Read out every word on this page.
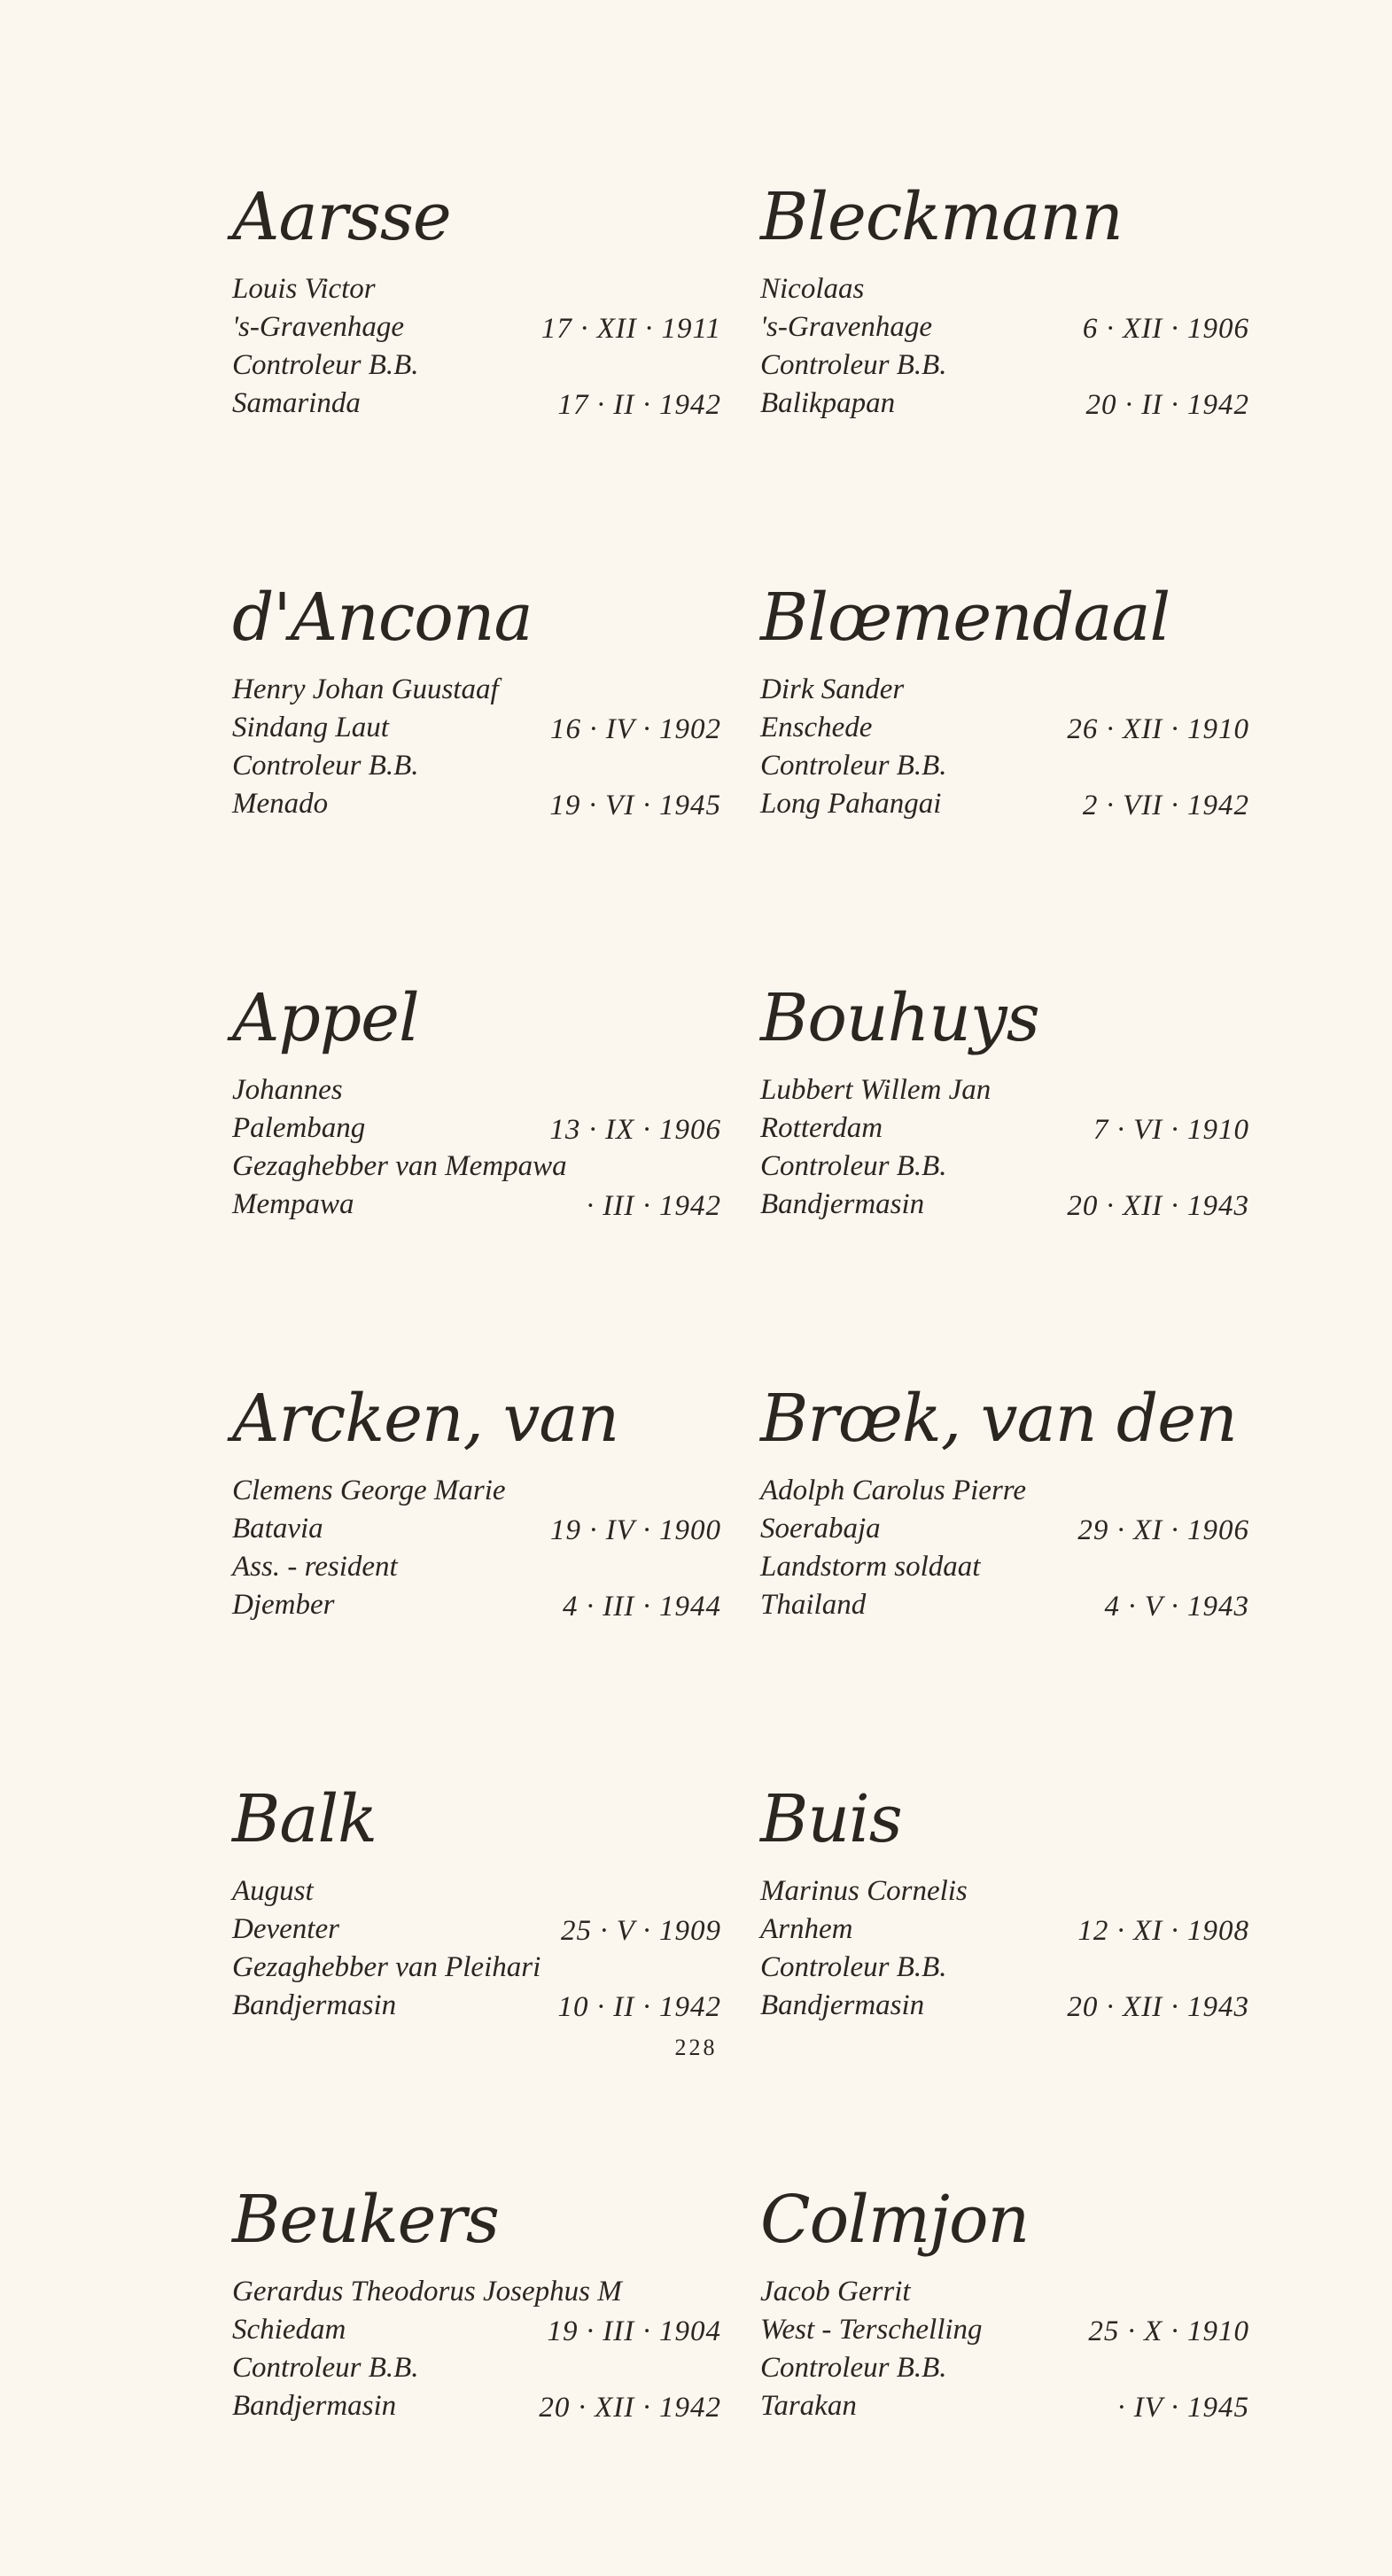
Aarsse
Louis Victor
's-Gravenhage	17 · XII · 1911
Controleur B.B.
Samarinda	17 · II · 1942
d'Ancona
Henry Johan Guustaaf
Sindang Laut	16 · IV · 1902
Controleur B.B.
Menado	19 · VI · 1945
Appel
Johannes
Palembang	13 · IX · 1906
Gezaghebber van Mempawa
Mempawa	· III · 1942
Arcken, van
Clemens George Marie
Batavia	19 · IV · 1900
Ass. - resident
Djember	4 · III · 1944
Balk
August
Deventer	25 · V · 1909
Gezaghebber van Pleihari
Bandjermasin	10 · II · 1942
Beukers
Gerardus Theodorus Josephus M
Schiedam	19 · III · 1904
Controleur B.B.
Bandjermasin	20 · XII · 1942
Bleckmann
Nicolaas
's-Gravenhage	6 · XII · 1906
Controleur B.B.
Balikpapan	20 · II · 1942
Blœmendaal
Dirk Sander
Enschede	26 · XII · 1910
Controleur B.B.
Long Pahangai	2 · VII · 1942
Bouhuys
Lubbert Willem Jan
Rotterdam	7 · VI · 1910
Controleur B.B.
Bandjermasin	20 · XII · 1943
Brœk, van den
Adolph Carolus Pierre
Soerabaja	29 · XI · 1906
Landstorm soldaat
Thailand	4 · V · 1943
Buis
Marinus Cornelis
Arnhem	12 · XI · 1908
Controleur B.B.
Bandjermasin	20 · XII · 1943
Colmjon
Jacob Gerrit
West - Terschelling	25 · X · 1910
Controleur B.B.
Tarakan	· IV · 1945
228
